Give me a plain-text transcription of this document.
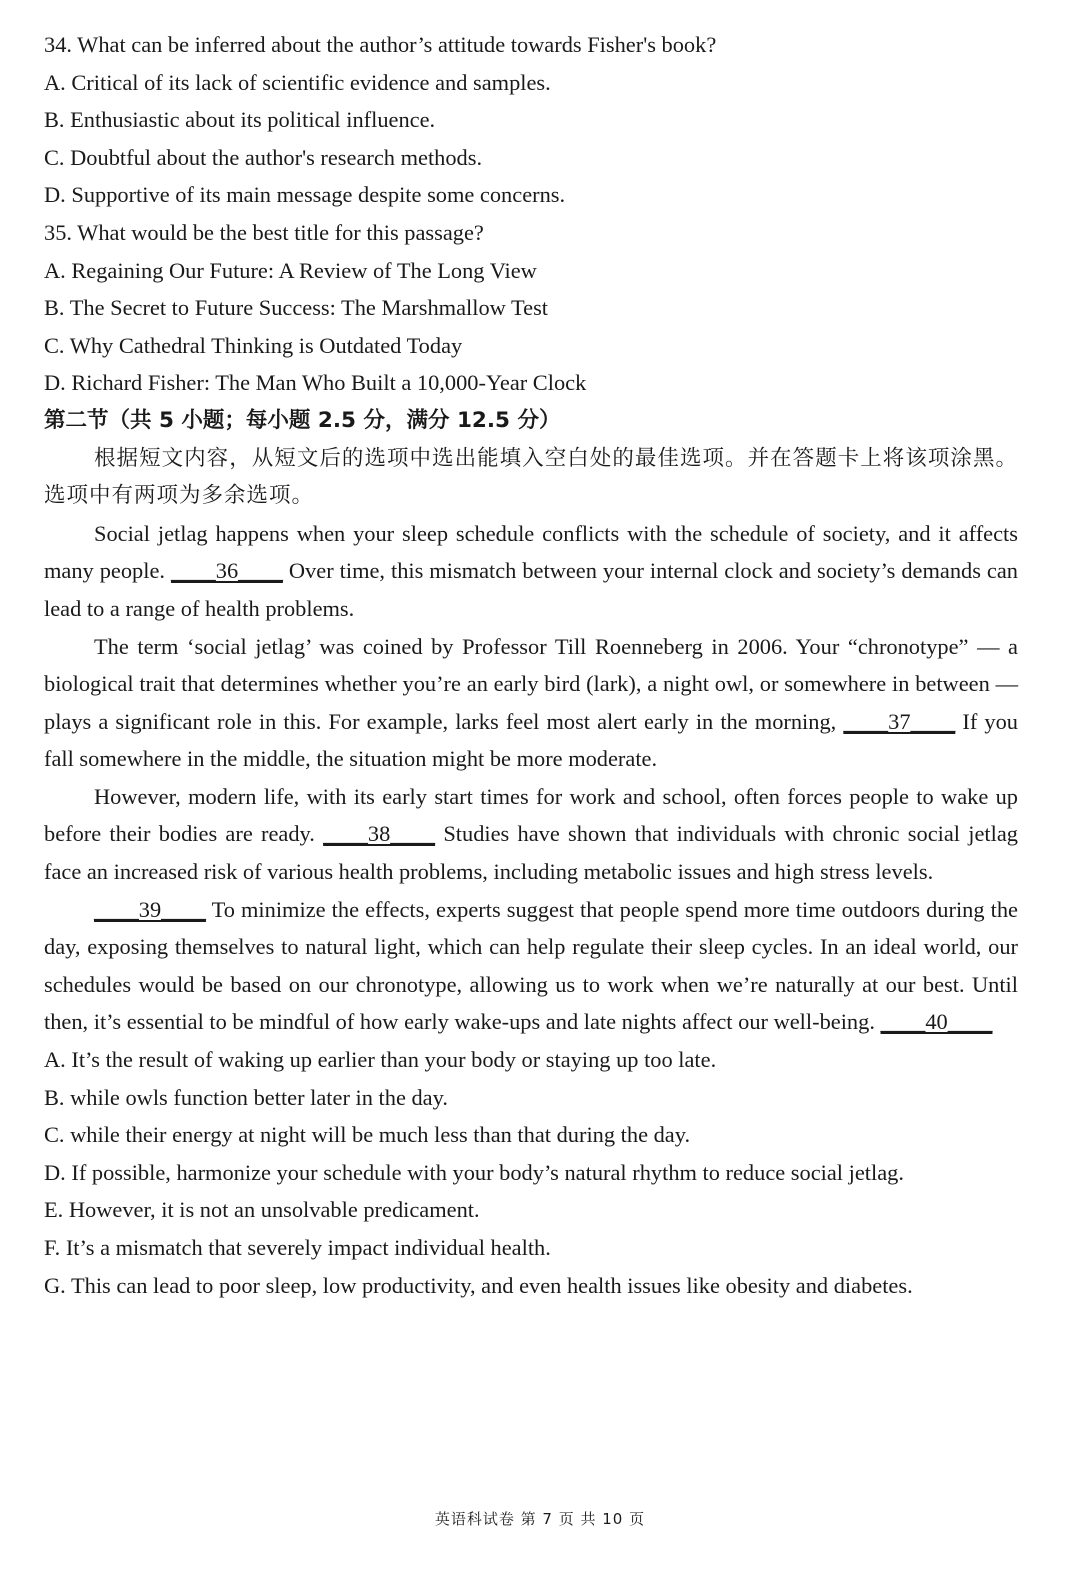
34. What can be inferred about the author’s attitude towards Fisher's book?
A. Critical of its lack of scientific evidence and samples.
B. Enthusiastic about its political influence.
C. Doubtful about the author's research methods.
D. Supportive of its main message despite some concerns.
35. What would be the best title for this passage?
A. Regaining Our Future: A Review of The Long View
B. The Secret to Future Success: The Marshmallow Test
C. Why Cathedral Thinking is Outdated Today
D. Richard Fisher: The Man Who Built a 10,000-Year Clock
第二节（共 5 小题；每小题 2.5 分，满分 12.5 分）

根据短文内容，从短文后的选项中选出能填入空白处的最佳选项。并在答题卡上将该项涂黑。选项中有两项为多余选项。

Social jetlag happens when your sleep schedule conflicts with the schedule of society, and it affects many people. ____36____ Over time, this mismatch between your internal clock and society’s demands can lead to a range of health problems.

The term ‘social jetlag’ was coined by Professor Till Roenneberg in 2006. Your “chronotype” — a biological trait that determines whether you’re an early bird (lark), a night owl, or somewhere in between — plays a significant role in this. For example, larks feel most alert early in the morning, ____37____ If you fall somewhere in the middle, the situation might be more moderate.

However, modern life, with its early start times for work and school, often forces people to wake up before their bodies are ready. ____38____ Studies have shown that individuals with chronic social jetlag face an increased risk of various health problems, including metabolic issues and high stress levels.

____39____ To minimize the effects, experts suggest that people spend more time outdoors during the day, exposing themselves to natural light, which can help regulate their sleep cycles. In an ideal world, our schedules would be based on our chronotype, allowing us to work when we’re naturally at our best. Until then, it’s essential to be mindful of how early wake-ups and late nights affect our well-being. ____40____

A. It’s the result of waking up earlier than your body or staying up too late.
B. while owls function better later in the day.
C. while their energy at night will be much less than that during the day.
D. If possible, harmonize your schedule with your body’s natural rhythm to reduce social jetlag.
E. However, it is not an unsolvable predicament.
F. It’s a mismatch that severely impact individual health.
G. This can lead to poor sleep, low productivity, and even health issues like obesity and diabetes.
英语科试卷 第 7 页 共 10 页
